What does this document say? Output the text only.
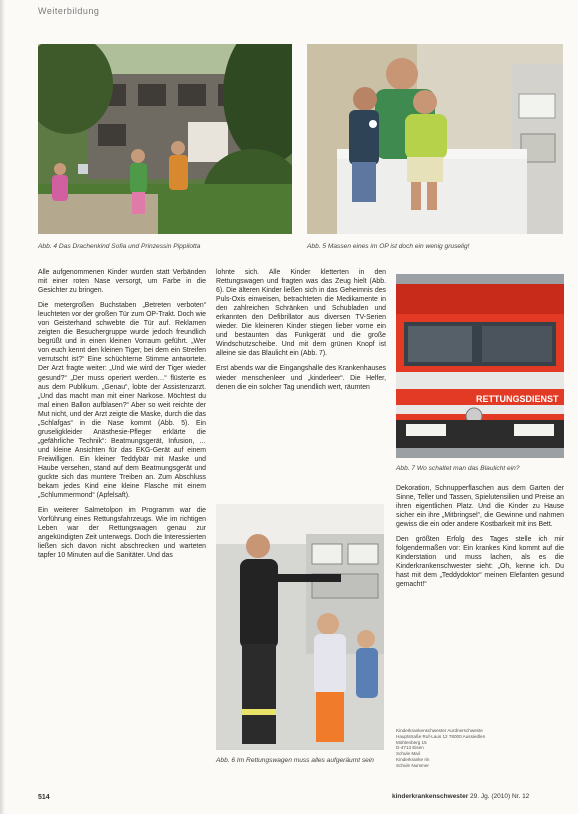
Weiterbildung
Abb. 4 Das Drachenkind Sofia und Prinzessin Pippilotta	Abb. 5 Massen eines im OP ist doch ein wenig gruselig!

Alle aufgenommenen Kinder wurden statt Verbänden mit einer roten Nase versorgt, um Farbe in die Gesichter zu bringen.

Die metergroßen Buchstaben „Betreten verboten“ leuchteten vor der großen Tür zum OP-Trakt. Doch wie von Geisterhand schwebte die Tür auf. Reklamen zeigten die Besuchergruppe wurde jedoch freundlich begrüßt und in einen kleinen Vorraum geführt. „Wer von euch kennt den kleinen Tiger, bei dem ein Streifen verrutscht ist?“ Eine schüchterne Stimme antwortete. Der Arzt fragte weiter: „Und wie wird der Tiger wieder gesund?“ „Der muss operiert werden…“ flüsterte es aus dem Publikum. „Genau“, lobte der Assistenzarzt. „Und das macht man mit einer Narkose. Möchtest du mal einen Ballon aufblasen?“ Aber so weit reichte der Mut nicht, und der Arzt zeigte die Maske, durch die das „Schlafgas“ in die Nase kommt (Abb. 5). Ein gruseligkleider Anästhesie-Pfleger erklärte die „gefährliche Technik“: Beatmungsgerät, Infusion, … und kleine Ansichten für das EKG-Gerät auf einem Freiwilligen. Ein kleiner Teddybär mit Maske und Haube versehen, stand auf dem Beatmungsgerät und guckte sich das muntere Treiben an. Zum Abschluss bekam jedes Kind eine kleine Flasche mit einem „Schlummermond“ (Apfelsaft).

Ein weiterer Salmetolpon im Programm war die Vorführung eines Rettungsfahrzeugs. Wie im richtigen Leben war der Rettungswagen genau zur angekündigten Zeit unterwegs. Doch die Interessierten ließen sich davon nicht abschrecken und warteten tapfer 10 Minuten auf die Sanitäter. Und das

lohnte sich. Alle Kinder kletterten in den Rettungswagen und fragten was das Zeug hielt (Abb. 6). Die älteren Kinder ließen sich in das Geheimnis des Puls-Oxis einweisen, betrachteten die Medikamente in den zahlreichen Schränken und Schubladen und erkannten den Defibrillator aus diversen TV-Serien wieder. Die kleineren Kinder stiegen lieber vorne ein und bestaunten das Funkgerät und die große Windschutzscheibe. Und mit dem grünen Knopf ist alleine sie das Blaulicht ein (Abb. 7).

Erst abends war die Eingangshalle des Krankenhauses wieder menschenleer und „kinderleer“. Die Helfer, denen die ein solcher Tag unendlich wert, räumten

RETTUNGSDIENST
Abb. 7 Wo schaltet man das Blaulicht ein?

Dekoration, Schnupperflaschen aus dem Garten der Sinne, Teller und Tassen, Spielutensilien und Preise an ihren eigentlichen Platz. Und die Kinder zu Hause sicher ein ihre „Mitbringsel“, die Gewinne und nahmen gewiss die ein oder andere Kostbarkeit mit ins Bett.

Den größten Erfolg des Tages stelle ich mir folgendermaßen vor: Ein krankes Kind kommt auf die Kinderstation und muss lachen, als es die Kinderkrankenschwester sieht: „Oh, kenne ich. Du hast mit dem „Teddydoktor“ meinen Elefanten gesund gemacht!“

Abb. 6 Im Rettungswagen muss alles aufgeräumt sein
Kinderkrankenschwester Aurdnerschweste
Hauptstraße Ruf-Laus 12 78000 Aussiedlen
Mühlenberg 15
D-4713 Eisen
Schule Mail
Kinderkranke rin
Schule Nummer
514	kinderkrankenschwester 29. Jg. (2010) Nr. 12
